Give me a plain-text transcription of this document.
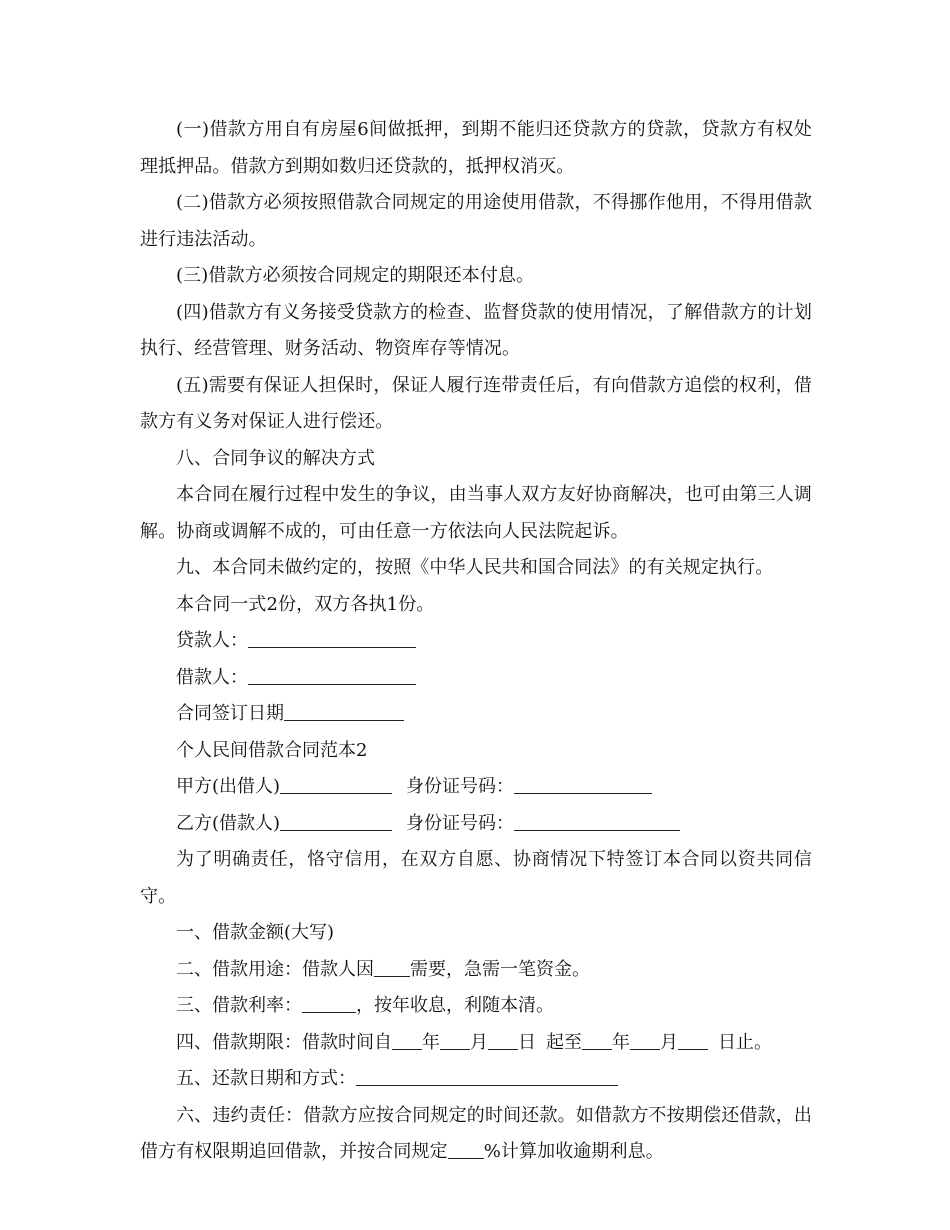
(一)借款方用自有房屋6间做抵押，到期不能归还贷款方的贷款，贷款方有权处理抵押品。借款方到期如数归还贷款的，抵押权消灭。

(二)借款方必须按照借款合同规定的用途使用借款，不得挪作他用，不得用借款进行违法活动。

(三)借款方必须按合同规定的期限还本付息。

(四)借款方有义务接受贷款方的检查、监督贷款的使用情况，了解借款方的计划执行、经营管理、财务活动、物资库存等情况。

(五)需要有保证人担保时，保证人履行连带责任后，有向借款方追偿的权利，借款方有义务对保证人进行偿还。

八、合同争议的解决方式

本合同在履行过程中发生的争议，由当事人双方友好协商解决，也可由第三人调解。协商或调解不成的，可由任意一方依法向人民法院起诉。

九、本合同未做约定的，按照《中华人民共和国合同法》的有关规定执行。

本合同一式2份，双方各执1份。

贷款人：
借款人：
合同签订日期
个人民间借款合同范本2
甲方(出借人)	身份证号码：
乙方(借款人)	身份证号码：

为了明确责任，恪守信用，在双方自愿、协商情况下特签订本合同以资共同信守。

一、借款金额(大写)
二、借款用途：借款人因 需要，急需一笔资金。
三、借款利率：	，按年收息，利随本清。
四、借款期限：借款时间自 年 月 日 起至 年 月 日止。
五、还款日期和方式：

六、违约责任：借款方应按合同规定的时间还款。如借款方不按期偿还借款，出借方有权限期追回借款，并按合同规定 %计算加收逾期利息。
